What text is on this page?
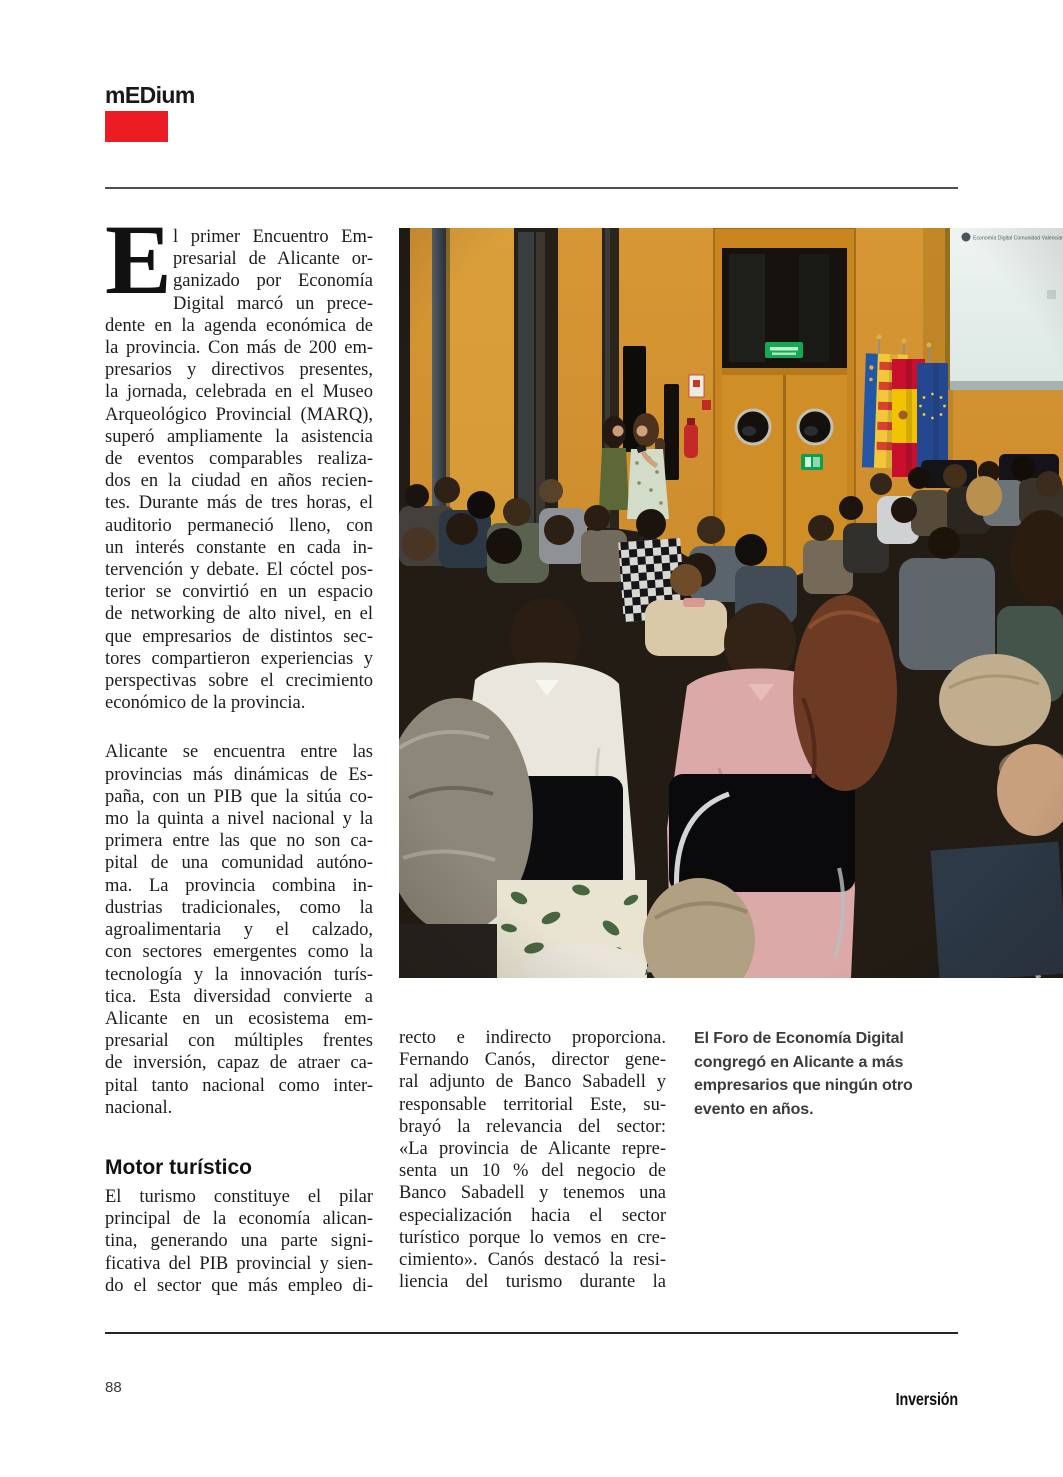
mEDium
E l primer Encuentro Em-
presarial de Alicante or-
ganizado por Economía
Digital marcó un prece-
dente en la agenda económica de
la provincia. Con más de 200 em-
presarios y directivos presentes,
la jornada, celebrada en el Museo
Arqueológico Provincial (MARQ),
superó ampliamente la asistencia
de eventos comparables realiza-
dos en la ciudad en años recien-
tes. Durante más de tres horas, el
auditorio permaneció lleno, con
un interés constante en cada in-
tervención y debate. El cóctel pos-
terior se convirtió en un espacio
de networking de alto nivel, en el
que empresarios de distintos sec-
tores compartieron experiencias y
perspectivas sobre el crecimiento
económico de la provincia.
Alicante se encuentra entre las
provincias más dinámicas de Es-
paña, con un PIB que la sitúa co-
mo la quinta a nivel nacional y la
primera entre las que no son ca-
pital de una comunidad autóno-
ma. La provincia combina in-
dustrias tradicionales, como la
agroalimentaria y el calzado,
con sectores emergentes como la
tecnología y la innovación turís-
tica. Esta diversidad convierte a
Alicante en un ecosistema em-
presarial con múltiples frentes
de inversión, capaz de atraer ca-
pital tanto nacional como inter-
nacional.
Motor turístico
El turismo constituye el pilar
principal de la economía alican-
tina, generando una parte signi-
ficativa del PIB provincial y sien-
do el sector que más empleo di-
recto e indirecto proporciona.
Fernando Canós, director gene-
ral adjunto de Banco Sabadell y
responsable territorial Este, su-
brayó la relevancia del sector:
«La provincia de Alicante repre-
senta un 10 % del negocio de
Banco Sabadell y tenemos una
especialización hacia el sector
turístico porque lo vemos en cre-
cimiento». Canós destacó la resi-
liencia del turismo durante la
El Foro de Economía Digital
congregó en Alicante a más
empresarios que ningún otro
evento en años.
88
Inversión
